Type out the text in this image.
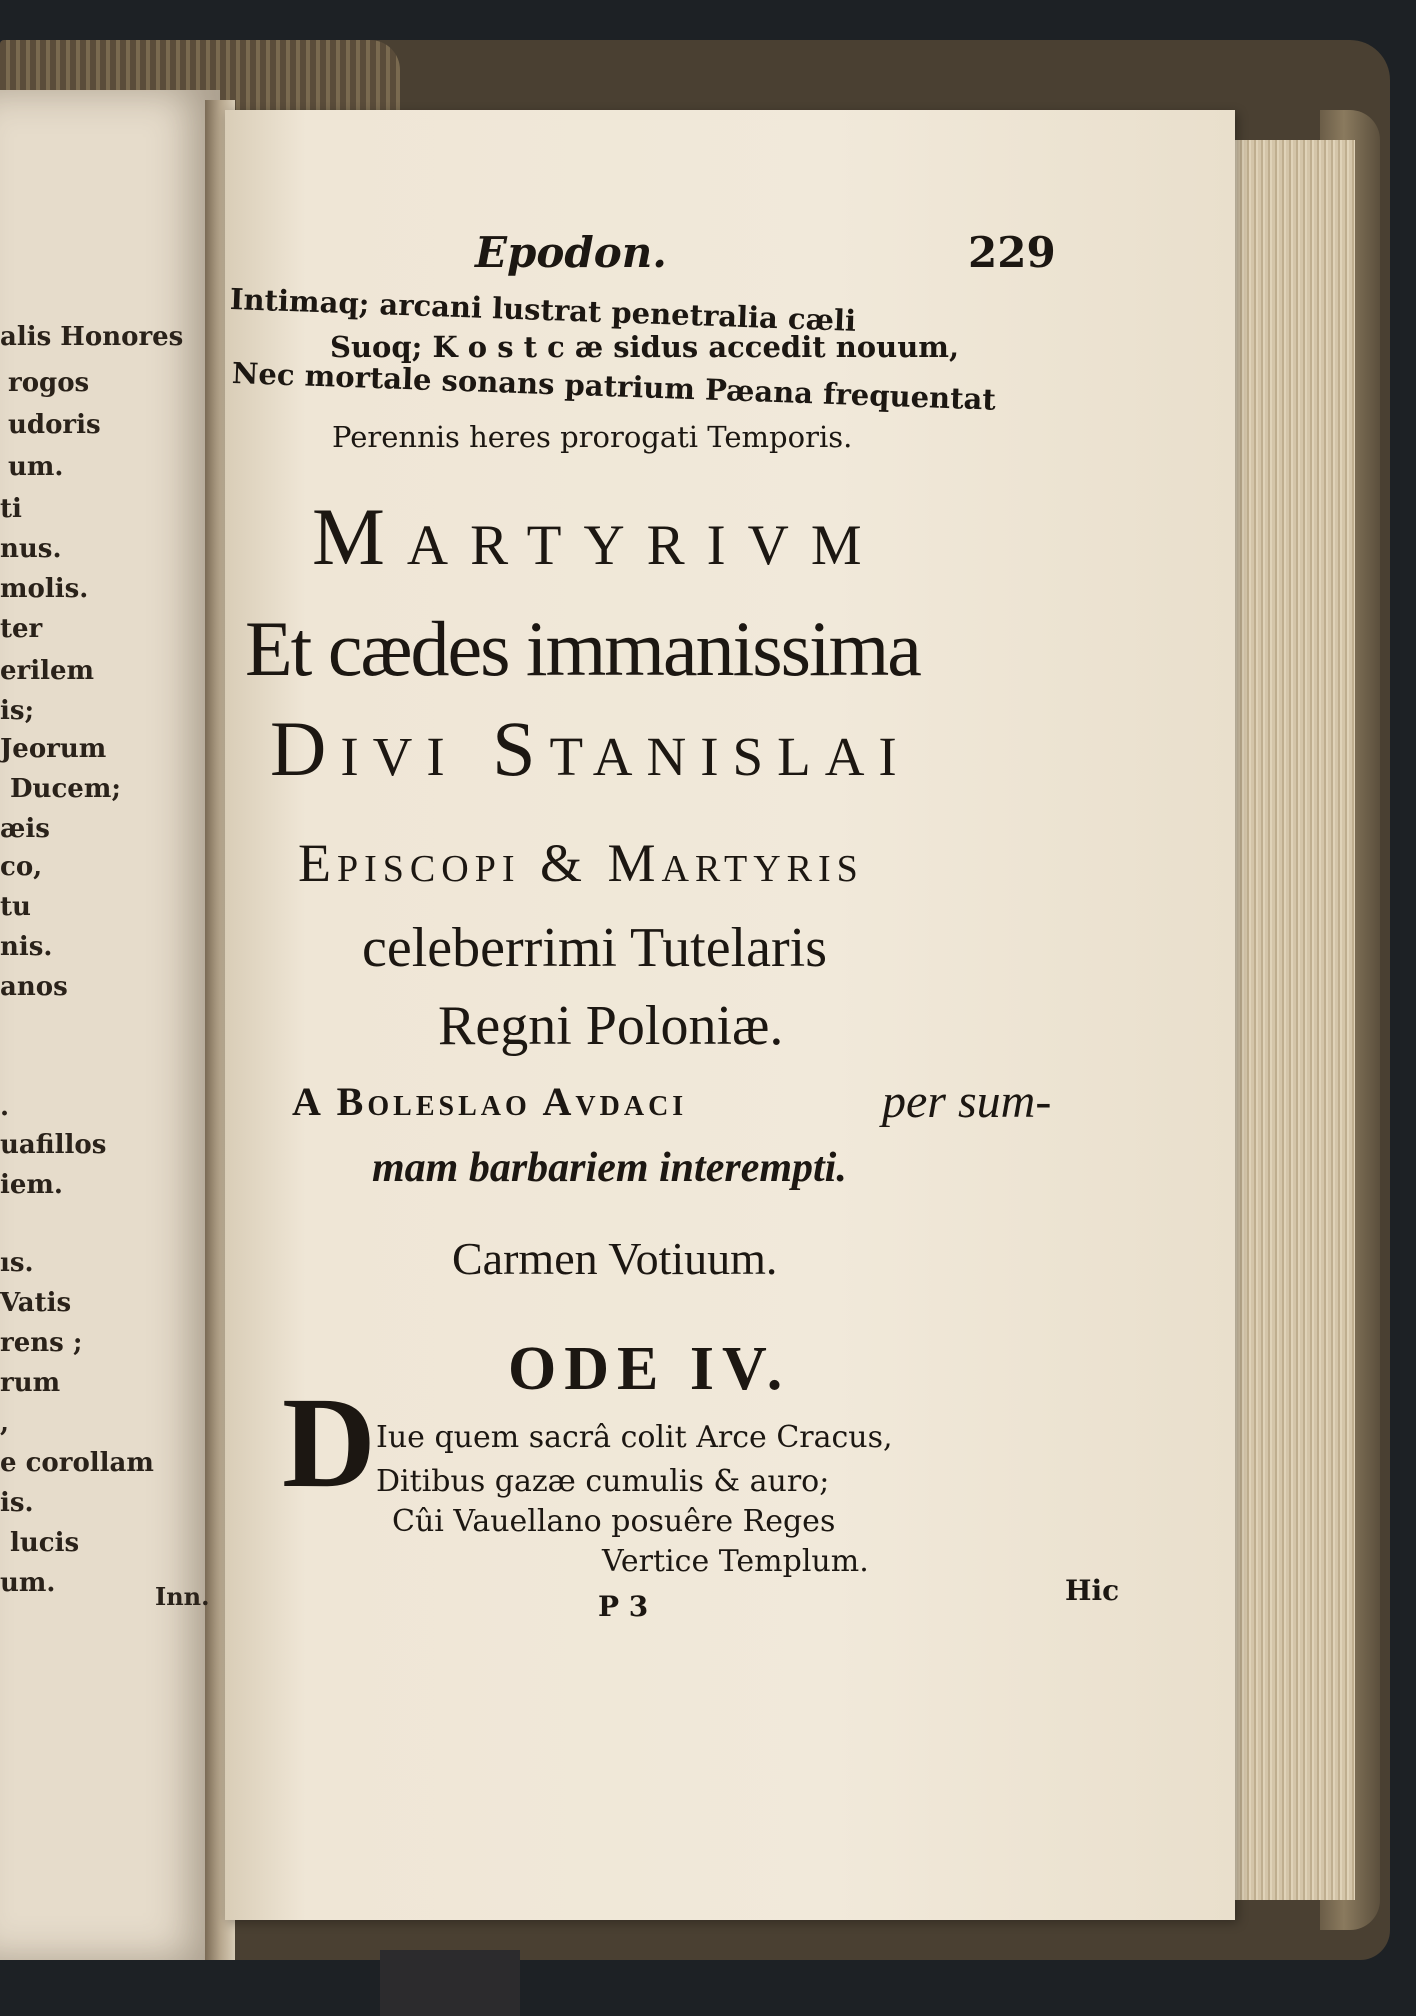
alis Honores
rogos
udoris
um.
ti
nus.
molis.
ter
erilem
is;
Jeorum
Ducem;
æis
co,
tu
nis.
anos
.
uafillos
iem.
ıs.
Vatis
rens ;
rum
,
e corollam
is.
lucis
um.	Inn.
Epodon.	229
Intimaq; arcani lustrat penetralia cæli
Suoq; K o s t c æ sidus accedit nouum,
Nec mortale sonans patrium Pæana frequentat
Perennis heres prorogati Temporis.
Martyrivm
Et cædes immanissima
Divi Stanislai
Episcopi & Martyris
celeberrimi Tutelaris
Regni Poloniæ.
A Boleslao Avdaci	per sum-
mam barbariem interempti.
Carmen Votiuum.
ODE IV.
D Iue quem sacrâ colit Arce Cracus,
Ditibus gazæ cumulis & auro;
Cûi Vauellano posuêre Reges
Vertice Templum.
P 3	Hic
